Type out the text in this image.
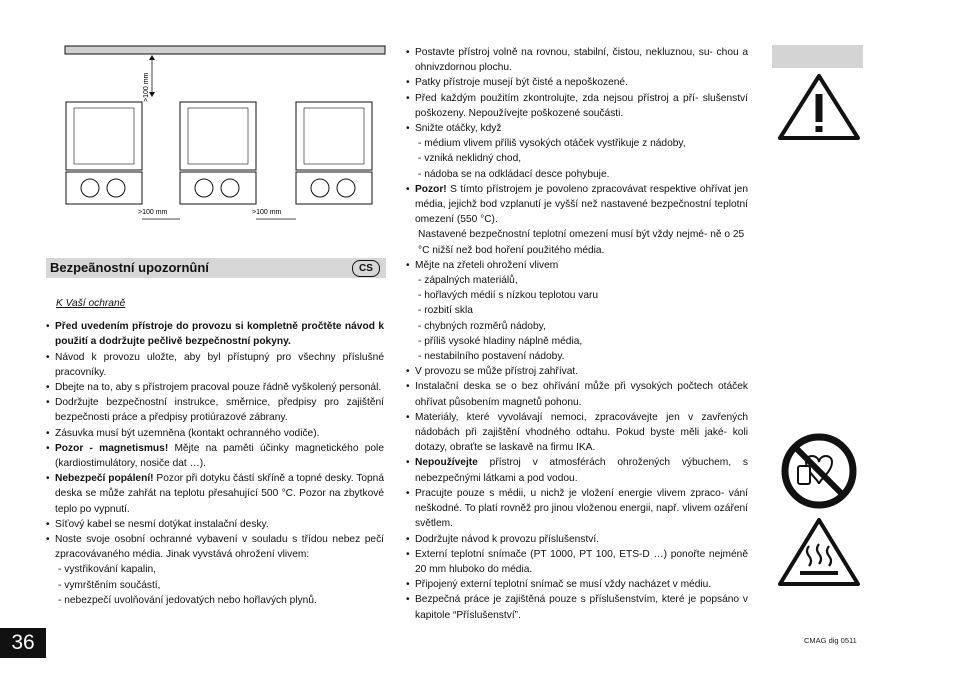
>100 mm
>100 mm	>100 mm
Bezpeãnostní upozornûní	CS
K Vaší ochraně
• Před uvedením přístroje do provozu si kompletně pročtěte návod k použití a dodržujte pečlivě bezpečnostní pokyny.
• Návod k provozu uložte, aby byl přístupný pro všechny příslušné pracovníky.
• Dbejte na to, aby s přístrojem pracoval pouze řádně vyškolený personál.
• Dodržujte bezpečnostní instrukce, směrnice, předpisy pro zajištění bezpečnosti práce a předpisy protiúrazové zábrany.
• Zásuvka musí být uzemněna (kontakt ochranného vodiče).
• Pozor - magnetismus! Mějte na paměti účinky magnetického pole (kardiostimulátory, nosiče dat …).
• Nebezpečí popálení! Pozor při dotyku částí skříně a topné desky. Topná deska se může zahřát na teplotu přesahující 500 °C. Pozor na zbytkové teplo po vypnutí.
• Síťový kabel se nesmí dotýkat instalační desky.
• Noste svoje osobní ochranné vybavení v souladu s třídou nebez pečí zpracovávaného média. Jinak vyvstává ohrožení vlivem:
- vystřikování kapalin,
- vymrštěním součástí,
- nebezpečí uvolňování jedovatých nebo hořlavých plynů.
• Postavte přístroj volně na rovnou, stabilní, čistou, nekluznou, su- chou a ohnivzdornou plochu.
• Patky přístroje musejí být čisté a nepoškozené.
• Před každým použitím zkontrolujte, zda nejsou přístroj a pří- slušenství poškozeny. Nepoužívejte poškozené součásti.
• Snižte otáčky, když
- médium vlivem příliš vysokých otáček vystřikuje z nádoby,
- vzniká neklidný chod,
- nádoba se na odkládací desce pohybuje.
• Pozor! S tímto přístrojem je povoleno zpracovávat respektive ohřívat jen média, jejichž bod vzplanutí je vyšší než nastavené bezpečnostní teplotní omezení (550 °C).
Nastavené bezpečnostní teplotní omezení musí být vždy nejmé- ně o 25 °C nižší než bod hoření použitého média.
• Mějte na zřeteli ohrožení vlivem
- zápalných materiálů,
- hořlavých médií s nízkou teplotou varu
- rozbití skla
- chybných rozměrů nádoby,
- příliš vysoké hladiny náplně média,
- nestabilního postavení nádoby.
• V provozu se může přístroj zahřívat.
• Instalační deska se o bez ohřívání může při vysokých počtech otáček ohřívat působením magnetů pohonu.
• Materiály, které vyvolávají nemoci, zpracovávejte jen v zavřených nádobách při zajištění vhodného odtahu. Pokud byste měli jaké- koli dotazy, obraťte se laskavě na firmu IKA.
• Nepoužívejte přístroj v atmosférách ohrožených výbuchem, s nebezpečnými látkami a pod vodou.
• Pracujte pouze s médii, u nichž je vložení energie vlivem zpraco- vání neškodné. To platí rovněž pro jinou vloženou energii, např. vlivem ozáření světlem.
• Dodržujte návod k provozu příslušenství.
• Externí teplotní snímače (PT 1000, PT 100, ETS-D …) ponořte nejméně 20 mm hluboko do média.
• Připojený externí teplotní snímač se musí vždy nacházet v médiu.
• Bezpečná práce je zajištěná pouze s příslušenstvím, které je popsáno v kapitole “Příslušenství”.
36	CMAG dig 0511
